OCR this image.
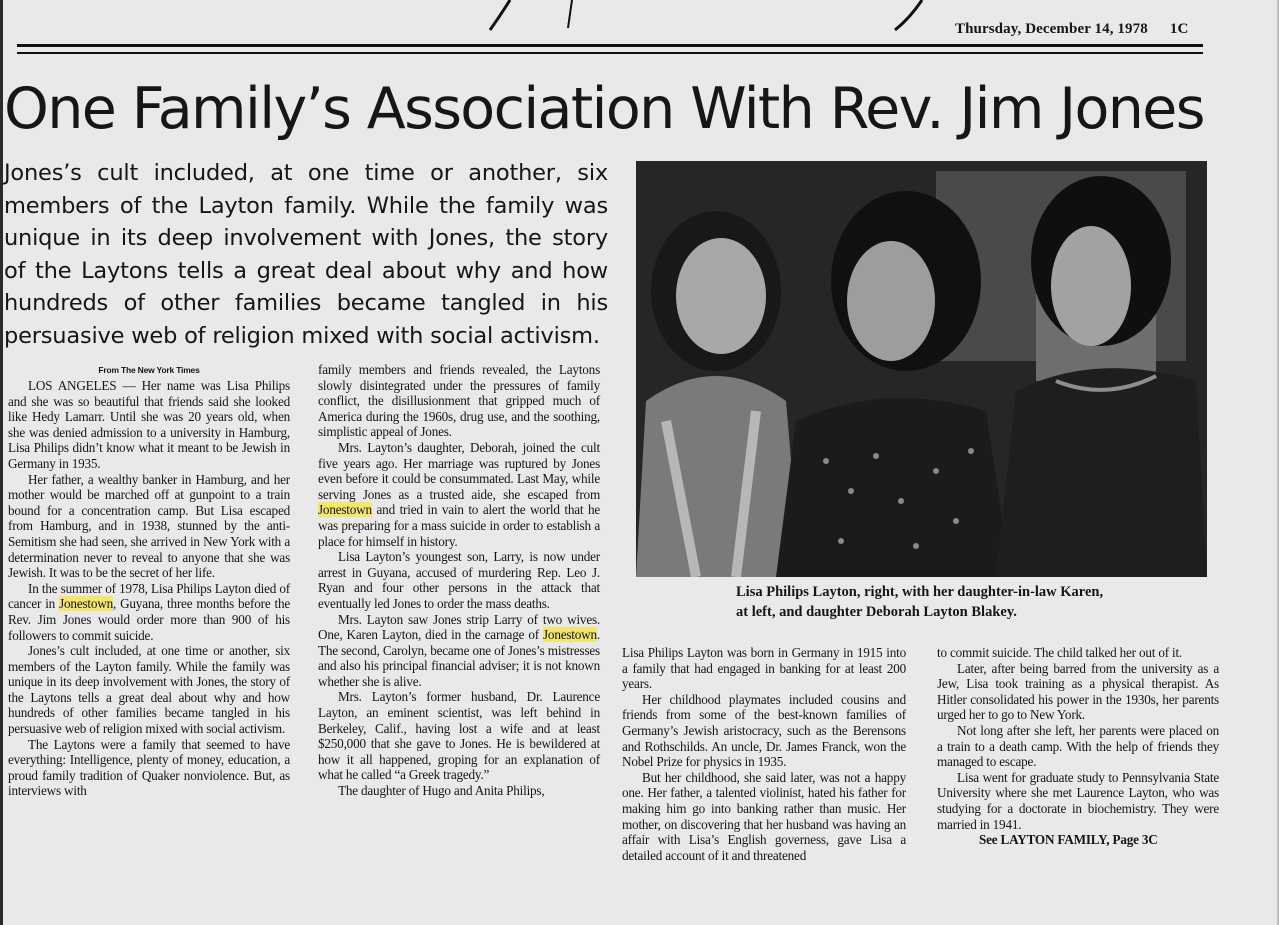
Thursday, December 14, 1978 1C
One Family’s Association With Rev. Jim Jones
Jones’s cult included, at one time or another, six members of the Layton family. While the family was unique in its deep involvement with Jones, the story of the Laytons tells a great deal about why and how hundreds of other families became tangled in his persuasive web of religion mixed with social activism.
From The New York Times

LOS ANGELES — Her name was Lisa Philips and she was so beautiful that friends said she looked like Hedy Lamarr. Until she was 20 years old, when she was denied admission to a university in Hamburg, Lisa Philips didn’t know what it meant to be Jewish in Germany in 1935.

Her father, a wealthy banker in Hamburg, and her mother would be marched off at gunpoint to a train bound for a concentration camp. But Lisa escaped from Hamburg, and in 1938, stunned by the anti-Semitism she had seen, she arrived in New York with a determination never to reveal to anyone that she was Jewish. It was to be the secret of her life.

In the summer of 1978, Lisa Philips Layton died of cancer in Jonestown, Guyana, three months before the Rev. Jim Jones would order more than 900 of his followers to commit suicide.

Jones’s cult included, at one time or another, six members of the Layton family. While the family was unique in its deep involvement with Jones, the story of the Laytons tells a great deal about why and how hundreds of other families became tangled in his persuasive web of religion mixed with social activism.

The Laytons were a family that seemed to have everything: Intelligence, plenty of money, education, a proud family tradition of Quaker nonviolence. But, as interviews with

family members and friends revealed, the Laytons slowly disintegrated under the pressures of family conflict, the disillusionment that gripped much of America during the 1960s, drug use, and the soothing, simplistic appeal of Jones.

Mrs. Layton’s daughter, Deborah, joined the cult five years ago. Her marriage was ruptured by Jones even before it could be consummated. Last May, while serving Jones as a trusted aide, she escaped from Jonestown and tried in vain to alert the world that he was preparing for a mass suicide in order to establish a place for himself in history.

Lisa Layton’s youngest son, Larry, is now under arrest in Guyana, accused of murdering Rep. Leo J. Ryan and four other persons in the attack that eventually led Jones to order the mass deaths.

Mrs. Layton saw Jones strip Larry of two wives. One, Karen Layton, died in the carnage of Jonestown. The second, Carolyn, became one of Jones’s mistresses and also his principal financial adviser; it is not known whether she is alive.

Mrs. Layton’s former husband, Dr. Laurence Layton, an eminent scientist, was left behind in Berkeley, Calif., having lost a wife and at least $250,000 that she gave to Jones. He is bewildered at how it all happened, groping for an explanation of what he called “a Greek tragedy.”

The daughter of Hugo and Anita Philips,

Lisa Philips Layton, right, with her daughter-in-law Karen, at left, and daughter Deborah Layton Blakey.

Lisa Philips Layton was born in Germany in 1915 into a family that had engaged in banking for at least 200 years.

Her childhood playmates included cousins and friends from some of the best-known families of Germany’s Jewish aristocracy, such as the Berensons and Rothschilds. An uncle, Dr. James Franck, won the Nobel Prize for physics in 1935.

But her childhood, she said later, was not a happy one. Her father, a talented violinist, hated his father for making him go into banking rather than music. Her mother, on discovering that her husband was having an affair with Lisa’s English governess, gave Lisa a detailed account of it and threatened

to commit suicide. The child talked her out of it.

Later, after being barred from the university as a Jew, Lisa took training as a physical therapist. As Hitler consolidated his power in the 1930s, her parents urged her to go to New York.

Not long after she left, her parents were placed on a train to a death camp. With the help of friends they managed to escape.

Lisa went for graduate study to Pennsylvania State University where she met Laurence Layton, who was studying for a doctorate in biochemistry. They were married in 1941.

See LAYTON FAMILY, Page 3C
